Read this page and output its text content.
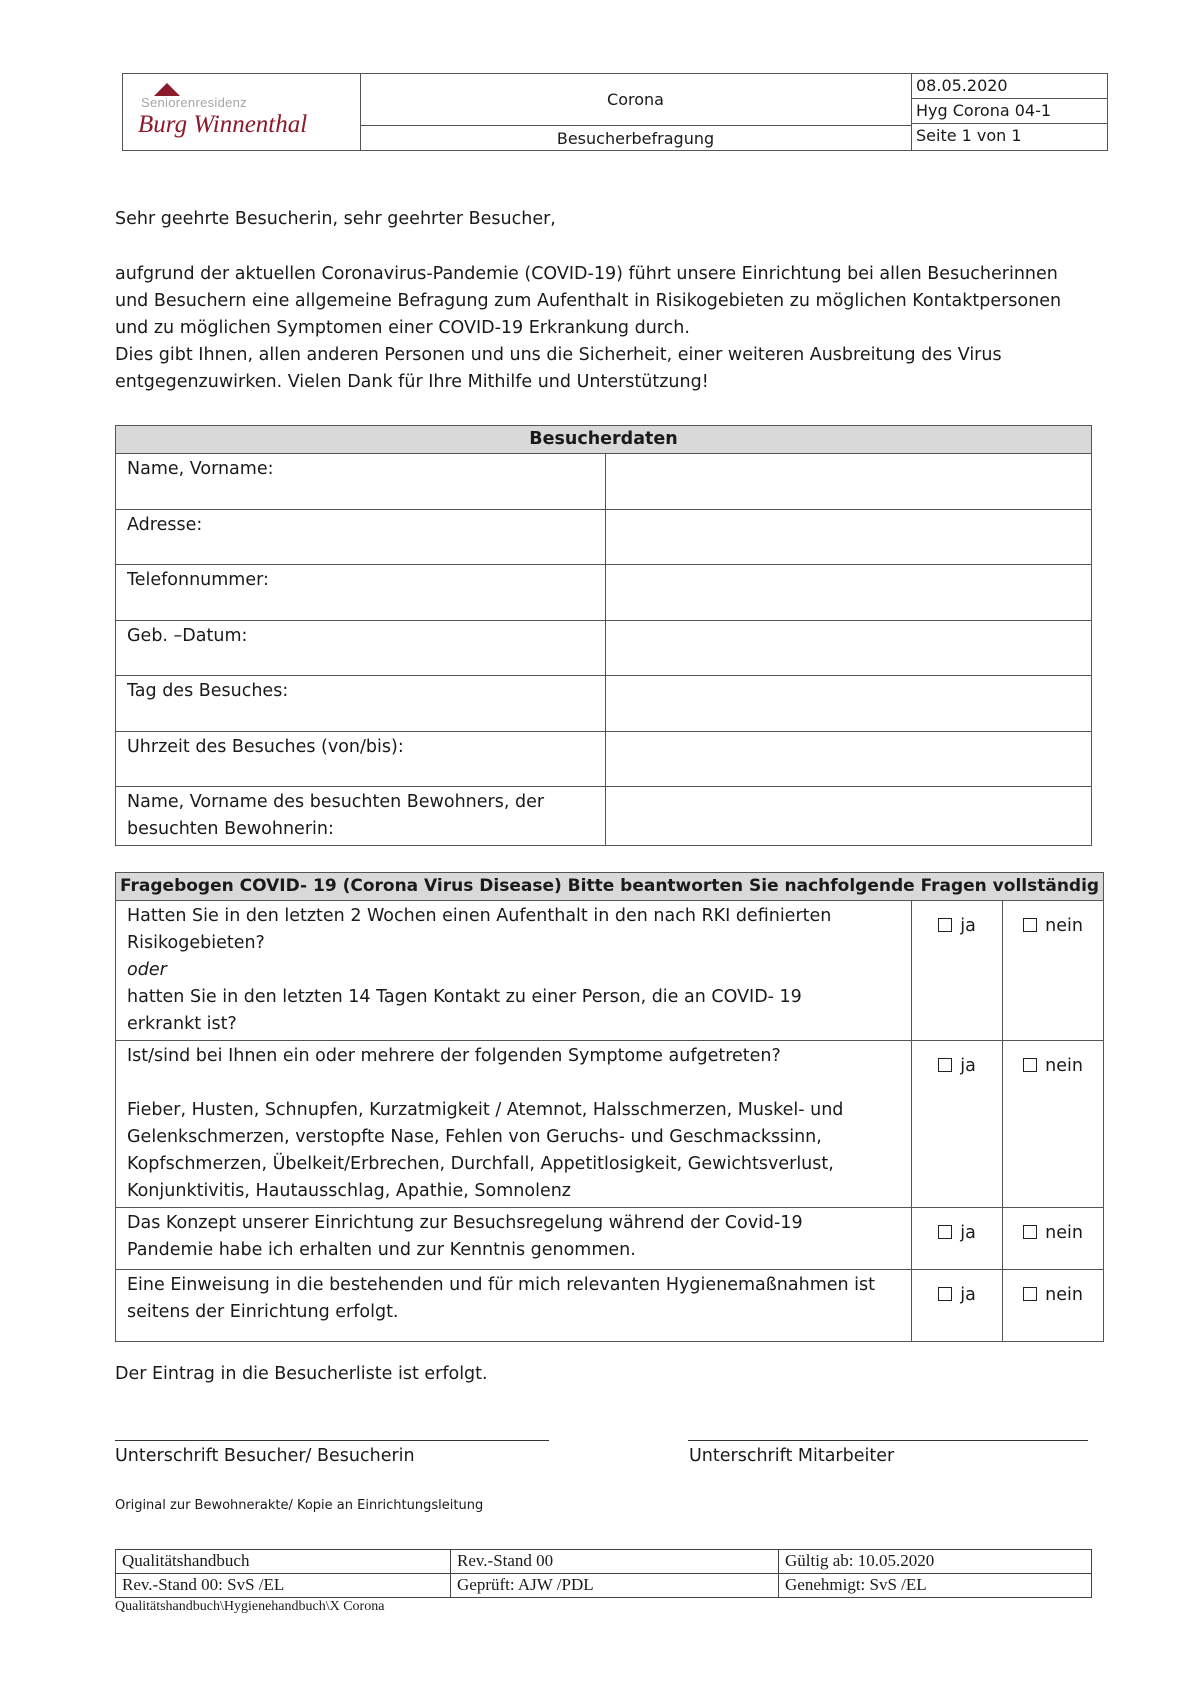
Seniorenresidenz
Burg Winnenthal
Corona
Besucherbefragung
08.05.2020
Hyg Corona 04-1
Seite 1 von 1
Sehr geehrte Besucherin, sehr geehrter Besucher,
aufgrund der aktuellen Coronavirus-Pandemie (COVID-19) führt unsere Einrichtung bei allen Besucherinnen
und Besuchern eine allgemeine Befragung zum Aufenthalt in Risikogebieten zu möglichen Kontaktpersonen
und zu möglichen Symptomen einer COVID-19 Erkrankung durch.
Dies gibt Ihnen, allen anderen Personen und uns die Sicherheit, einer weiteren Ausbreitung des Virus
entgegenzuwirken. Vielen Dank für Ihre Mithilfe und Unterstützung!
Besucherdaten	
Name, Vorname:	
Adresse:	
Telefonnummer:	
Geb. –Datum:	
Tag des Besuches:	
Uhrzeit des Besuches (von/bis):	

Name, Vorname des besuchten Bewohners, der
besuchten Bewohnerin:	

Fragebogen COVID- 19 (Corona Virus Disease) Bitte beantworten Sie nachfolgende Fragen vollständig		

Hatten Sie in den letzten 2 Wochen einen Aufenthalt in den nach RKI definierten
Risikogebieten?
oder
hatten Sie in den letzten 14 Tagen Kontakt zu einer Person, die an COVID- 19
erkrankt ist?	ja	nein

Ist/sind bei Ihnen ein oder mehrere der folgenden Symptome aufgetreten?
Fieber, Husten, Schnupfen, Kurzatmigkeit / Atemnot, Halsschmerzen, Muskel- und
Gelenkschmerzen, verstopfte Nase, Fehlen von Geruchs- und Geschmackssinn,
Kopfschmerzen, Übelkeit/Erbrechen, Durchfall, Appetitlosigkeit, Gewichtsverlust,
Konjunktivitis, Hautausschlag, Apathie, Somnolenz	ja	nein

Das Konzept unserer Einrichtung zur Besuchsregelung während der Covid-19
Pandemie habe ich erhalten und zur Kenntnis genommen.	ja	nein

Eine Einweisung in die bestehenden und für mich relevanten Hygienemaßnahmen ist
seitens der Einrichtung erfolgt.	ja	nein
Der Eintrag in die Besucherliste ist erfolgt.
Unterschrift Besucher/ Besucherin	Unterschrift Mitarbeiter
Original zur Bewohnerakte/ Kopie an Einrichtungsleitung
Qualitätshandbuch	Rev.-Stand 00	Gültig ab: 10.05.2020
Rev.-Stand 00: SvS /EL	Geprüft: AJW /PDL	Genehmigt: SvS /EL
Qualitätshandbuch\Hygienehandbuch\X Corona
